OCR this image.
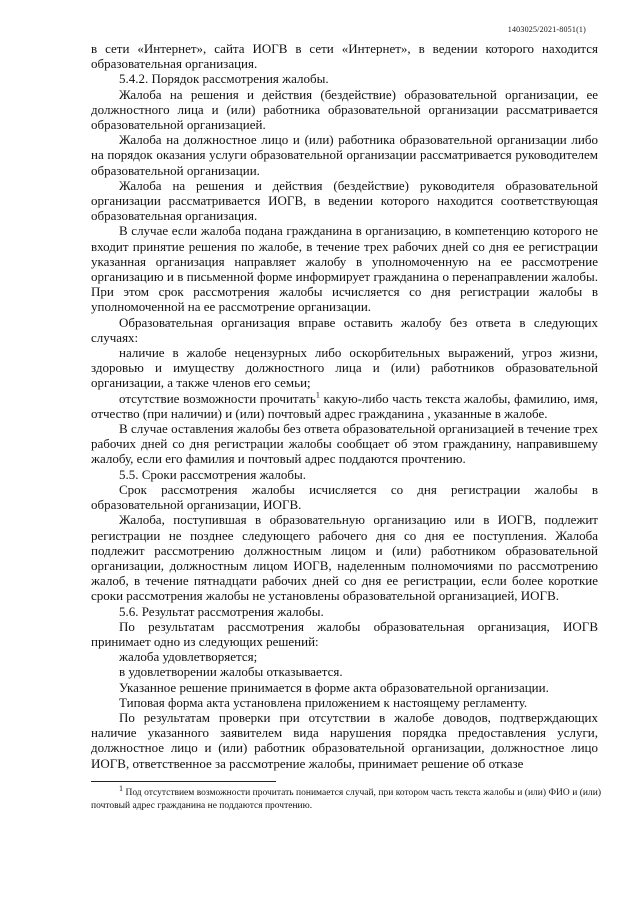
1403025/2021-8051(1)

в сети «Интернет», сайта ИОГВ в сети «Интернет», в ведении которого находится образовательная организация.

5.4.2. Порядок рассмотрения жалобы.

Жалоба на решения и действия (бездействие) образовательной организации, ее должностного лица и (или) работника образовательной организации рассматривается образовательной организацией.

Жалоба на должностное лицо и (или) работника образовательной организации либо на порядок оказания услуги образовательной организации рассматривается руководителем образовательной организации.

Жалоба на решения и действия (бездействие) руководителя образовательной организации рассматривается ИОГВ, в ведении которого находится соответствующая образовательная организация.

В случае если жалоба подана гражданина в организацию, в компетенцию которого не входит принятие решения по жалобе, в течение трех рабочих дней со дня ее регистрации указанная организация направляет жалобу в уполномоченную на ее рассмотрение организацию и в письменной форме информирует гражданина о перенаправлении жалобы. При этом срок рассмотрения жалобы исчисляется со дня регистрации жалобы в уполномоченной на ее рассмотрение организации.

Образовательная организация вправе оставить жалобу без ответа в следующих случаях:

наличие в жалобе нецензурных либо оскорбительных выражений, угроз жизни, здоровью и имуществу должностного лица и (или) работников образовательной организации, а также членов его семьи;

отсутствие возможности прочитать$^1$ какую-либо часть текста жалобы, фамилию, имя, отчество (при наличии) и (или) почтовый адрес гражданина , указанные в жалобе.

В случае оставления жалобы без ответа образовательной организацией в течение трех рабочих дней со дня регистрации жалобы сообщает об этом гражданину, направившему жалобу, если его фамилия и почтовый адрес поддаются прочтению.

5.5. Сроки рассмотрения жалобы.

Срок рассмотрения жалобы исчисляется со дня регистрации жалобы в образовательной организации, ИОГВ.

Жалоба, поступившая в образовательную организацию или в ИОГВ, подлежит регистрации не позднее следующего рабочего дня со дня ее поступления. Жалоба подлежит рассмотрению должностным лицом и (или) работником образовательной организации, должностным лицом ИОГВ, наделенным полномочиями по рассмотрению жалоб, в течение пятнадцати рабочих дней со дня ее регистрации, если более короткие сроки рассмотрения жалобы не установлены образовательной организацией, ИОГВ.

5.6. Результат рассмотрения жалобы.

По результатам рассмотрения жалобы образовательная организация, ИОГВ принимает одно из следующих решений:

жалоба удовлетворяется;

в удовлетворении жалобы отказывается.

Указанное решение принимается в форме акта образовательной организации.

Типовая форма акта установлена приложением к настоящему регламенту.

По результатам проверки при отсутствии в жалобе доводов, подтверждающих наличие указанного заявителем вида нарушения порядка предоставления услуги, должностное лицо и (или) работник образовательной организации, должностное лицо ИОГВ, ответственное за рассмотрение жалобы, принимает решение об отказе

$^1$ Под отсутствием возможности прочитать понимается случай, при котором часть текста жалобы и (или) ФИО и (или) почтовый адрес гражданина не поддаются прочтению.
